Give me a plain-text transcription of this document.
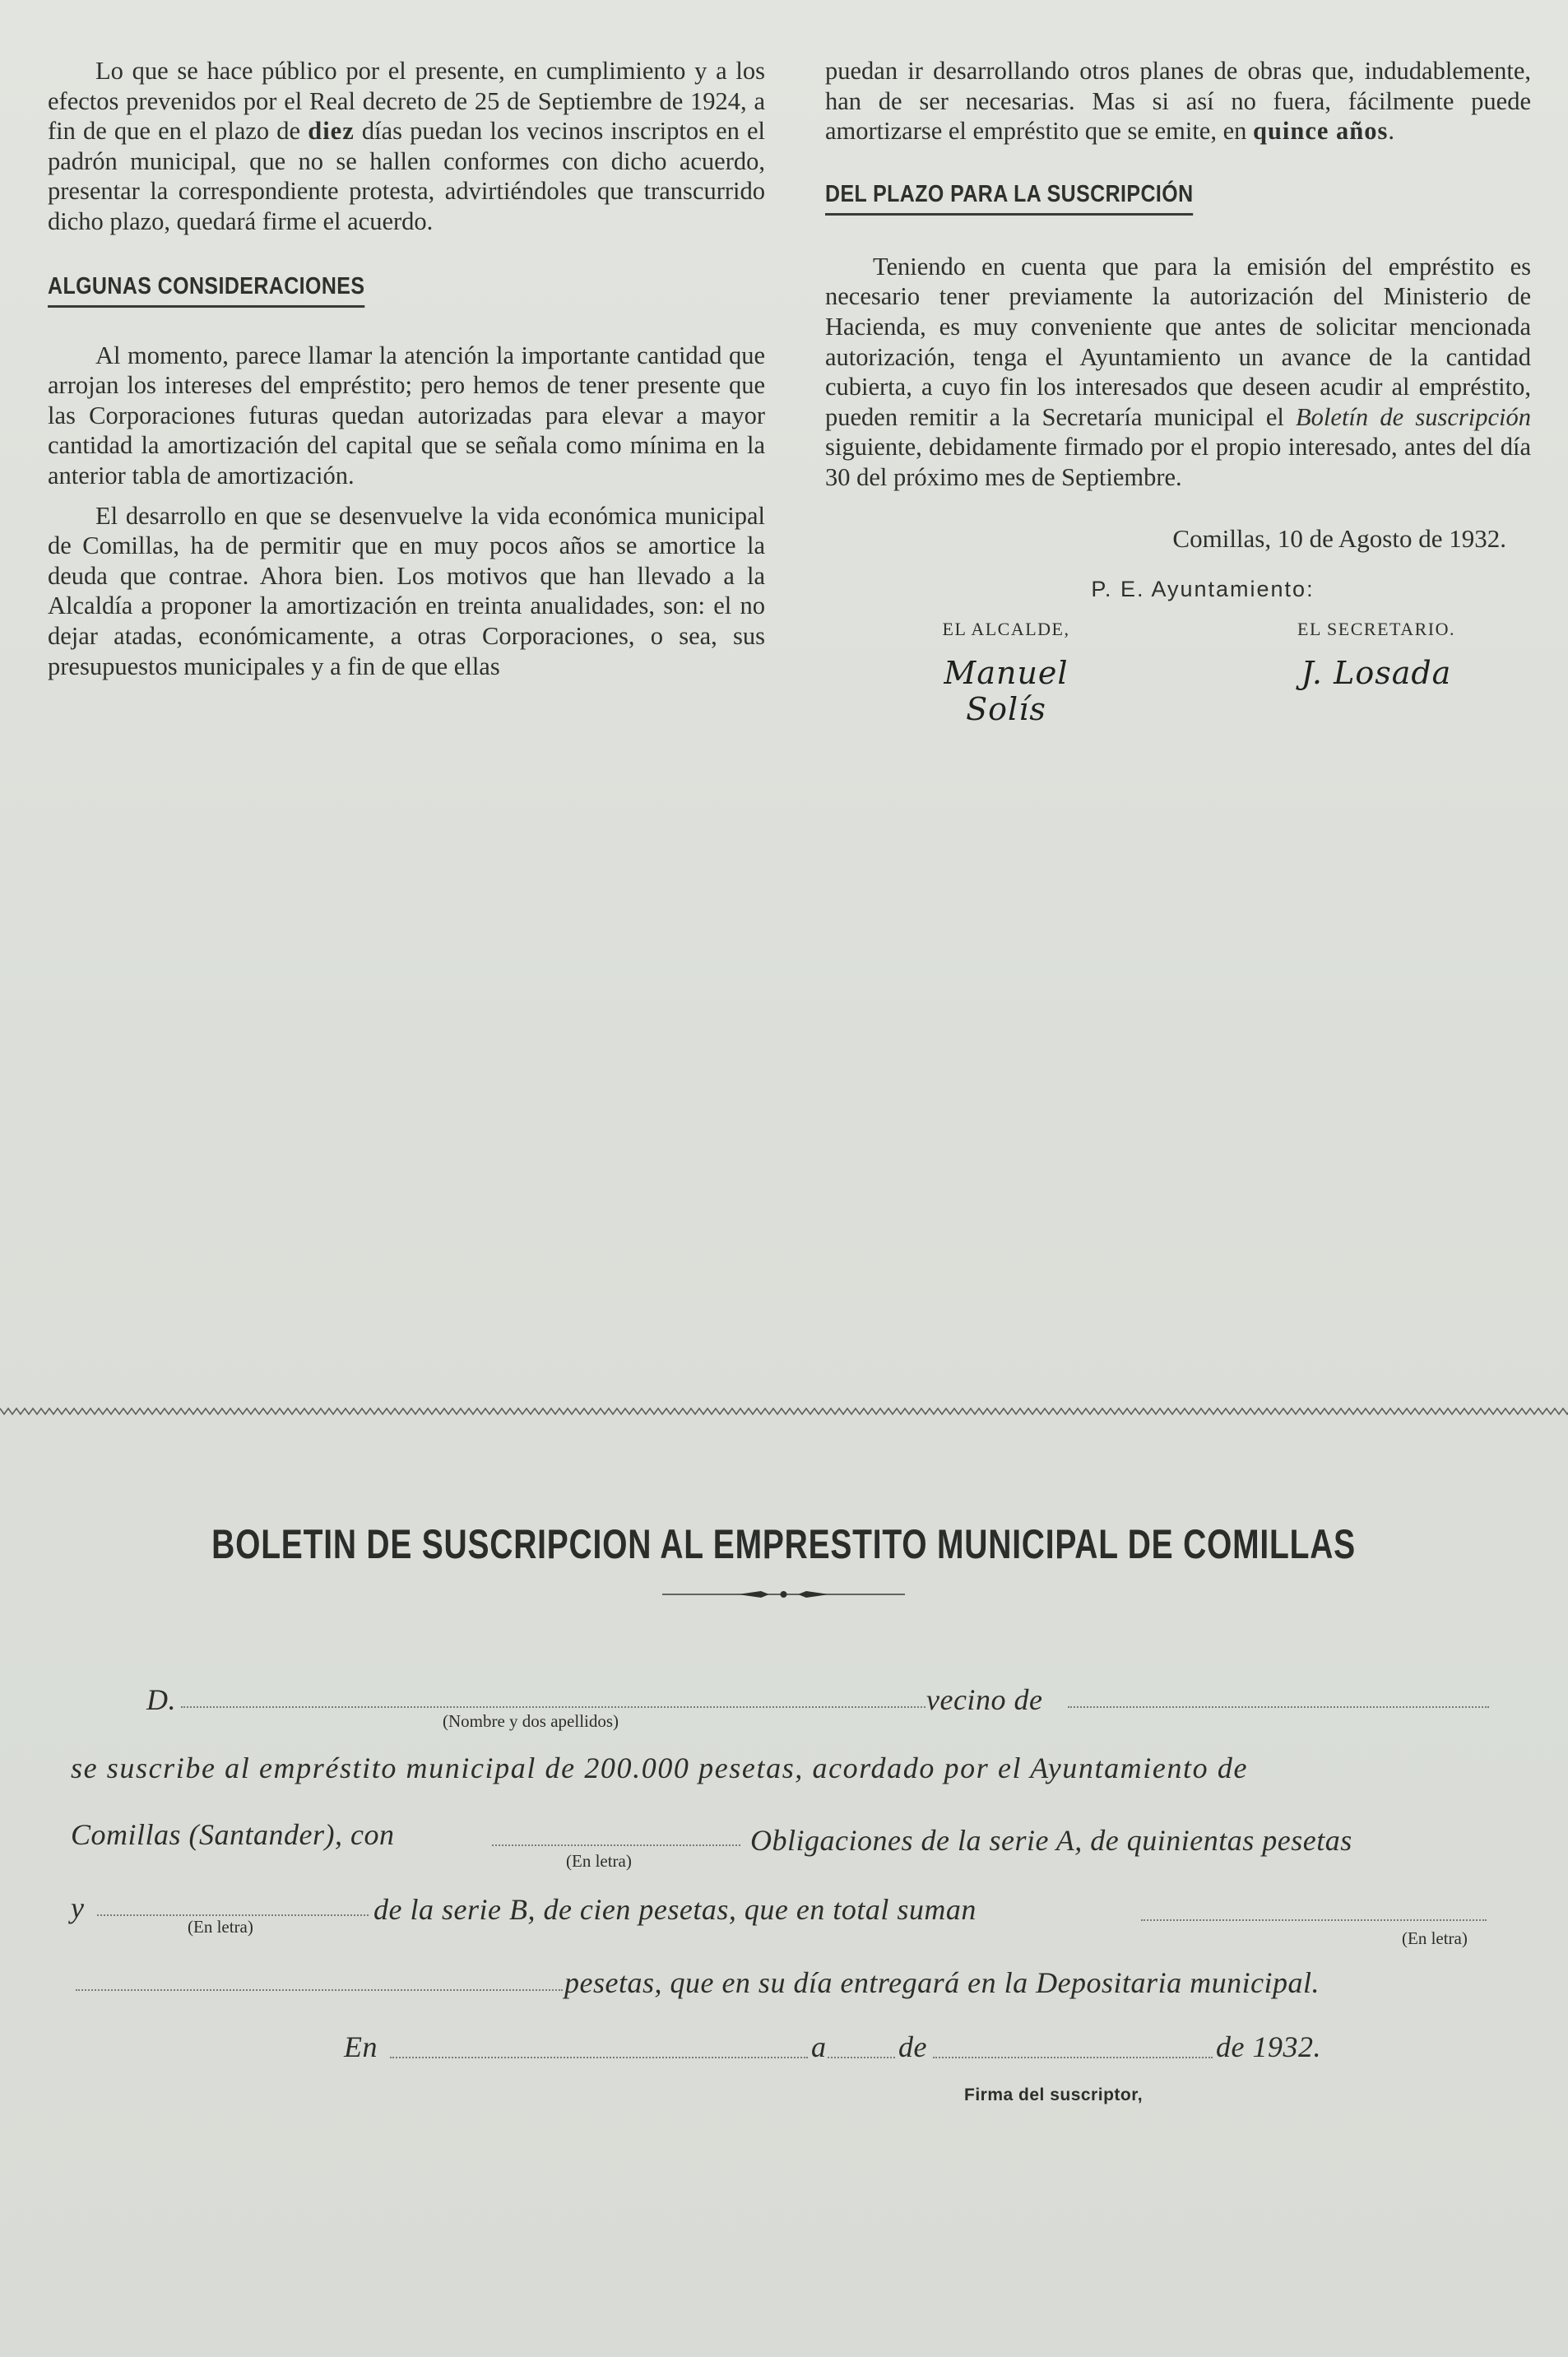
Lo que se hace público por el presente, en cumplimiento y a los efectos prevenidos por el Real decreto de 25 de Septiembre de 1924, a fin de que en el plazo de diez días puedan los vecinos inscriptos en el padrón municipal, que no se hallen conformes con dicho acuerdo, presentar la correspondiente protesta, advirtiéndoles que transcurrido dicho plazo, quedará firme el acuerdo.

ALGUNAS CONSIDERACIONES

Al momento, parece llamar la atención la importante cantidad que arrojan los intereses del empréstito; pero hemos de tener presente que las Corporaciones futuras quedan autorizadas para elevar a mayor cantidad la amortización del capital que se señala como mínima en la anterior tabla de amortización.

El desarrollo en que se desenvuelve la vida económica municipal de Comillas, ha de permitir que en muy pocos años se amortice la deuda que contrae. Ahora bien. Los motivos que han llevado a la Alcaldía a proponer la amortización en treinta anualidades, son: el no dejar atadas, económicamente, a otras Corporaciones, o sea, sus presupuestos municipales y a fin de que ellas

puedan ir desarrollando otros planes de obras que, indudablemente, han de ser necesarias. Mas si así no fuera, fácilmente puede amortizarse el empréstito que se emite, en quince años.

DEL PLAZO PARA LA SUSCRIPCIÓN

Teniendo en cuenta que para la emisión del empréstito es necesario tener previamente la autorización del Ministerio de Hacienda, es muy conveniente que antes de solicitar mencionada autorización, tenga el Ayuntamiento un avance de la cantidad cubierta, a cuyo fin los interesados que deseen acudir al empréstito, pueden remitir a la Secretaría municipal el Boletín de suscripción siguiente, debidamente firmado por el propio interesado, antes del día 30 del próximo mes de Septiembre.

Comillas, 10 de Agosto de 1932.
P. E. Ayuntamiento:
EL ALCALDE,
Manuel Solís
EL SECRETARIO.
J. Losada
BOLETIN DE SUSCRIPCION AL EMPRESTITO MUNICIPAL DE COMILLAS
D.
(Nombre y dos apellidos)
vecino de
se suscribe al empréstito municipal de 200.000 pesetas, acordado por el Ayuntamiento de
Comillas (Santander), con
(En letra)
Obligaciones de la serie A, de quinientas pesetas
y
(En letra)
de la serie B, de cien pesetas, que en total suman
(En letra)
pesetas, que en su día entregará en la Depositaria municipal.
En	a de	de 1932.
Firma del suscriptor,
